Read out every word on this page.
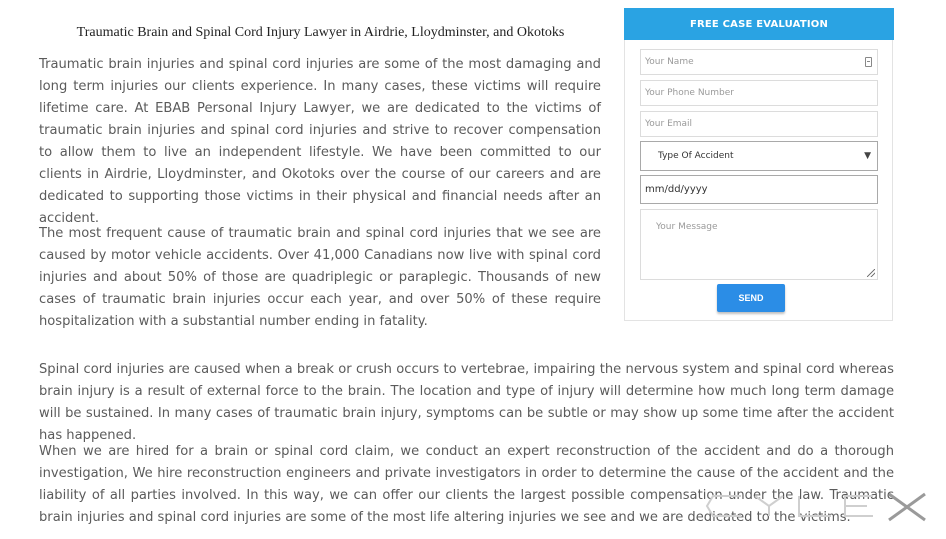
Traumatic Brain and Spinal Cord Injury Lawyer in Airdrie, Lloydminster, and Okotoks

Traumatic brain injuries and spinal cord injuries are some of the most damaging and long term injuries our clients experience. In many cases, these victims will require lifetime care. At EBAB Personal Injury Lawyer, we are dedicated to the victims of traumatic brain injuries and spinal cord injuries and strive to recover compensation to allow them to live an independent lifestyle. We have been committed to our clients in Airdrie, Lloydminster, and Okotoks over the course of our careers and are dedicated to supporting those victims in their physical and financial needs after an accident.

The most frequent cause of traumatic brain and spinal cord injuries that we see are caused by motor vehicle accidents. Over 41,000 Canadians now live with spinal cord injuries and about 50% of those are quadriplegic or paraplegic. Thousands of new cases of traumatic brain injuries occur each year, and over 50% of these require hospitalization with a substantial number ending in fatality.

Spinal cord injuries are caused when a break or crush occurs to vertebrae, impairing the nervous system and spinal cord whereas brain injury is a result of external force to the brain. The location and type of injury will determine how much long term damage will be sustained. In many cases of traumatic brain injury, symptoms can be subtle or may show up some time after the accident has happened.

When we are hired for a brain or spinal cord claim, we conduct an expert reconstruction of the accident and do a thorough investigation, We hire reconstruction engineers and private investigators in order to determine the cause of the accident and the liability of all parties involved. In this way, we can offer our clients the largest possible compensation under the law. Traumatic brain injuries and spinal cord injuries are some of the most life altering injuries we see and we are dedicated to the victims.

FREE CASE EVALUATION
Your Name
Your Phone Number
Your Email
Type Of Accident	▼
mm/dd/yyyy
Your Message
SEND
